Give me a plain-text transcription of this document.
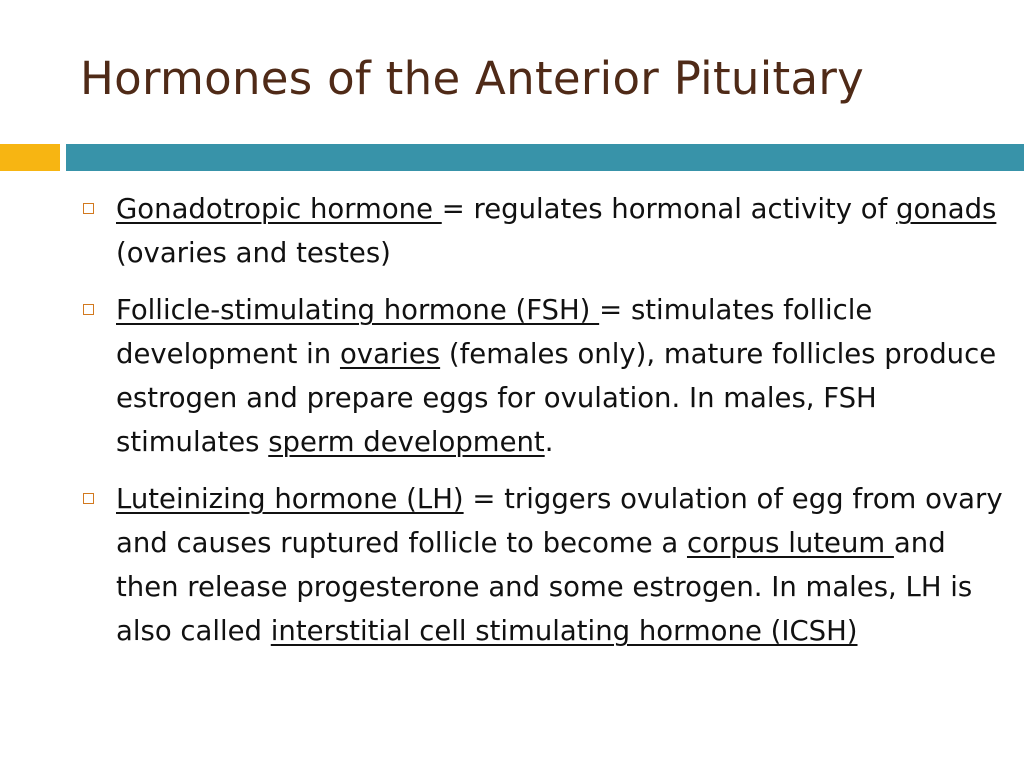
Hormones of the Anterior Pituitary
Gonadotropic hormone = regulates hormonal activity of gonads (ovaries and testes)
Follicle-stimulating hormone (FSH) = stimulates follicle development in ovaries (females only), mature follicles produce estrogen and prepare eggs for ovulation. In males, FSH stimulates sperm development.
Luteinizing hormone (LH) = triggers ovulation of egg from ovary and causes ruptured follicle to become a corpus luteum and then release progesterone and some estrogen. In males, LH is also called interstitial cell stimulating hormone (ICSH)
